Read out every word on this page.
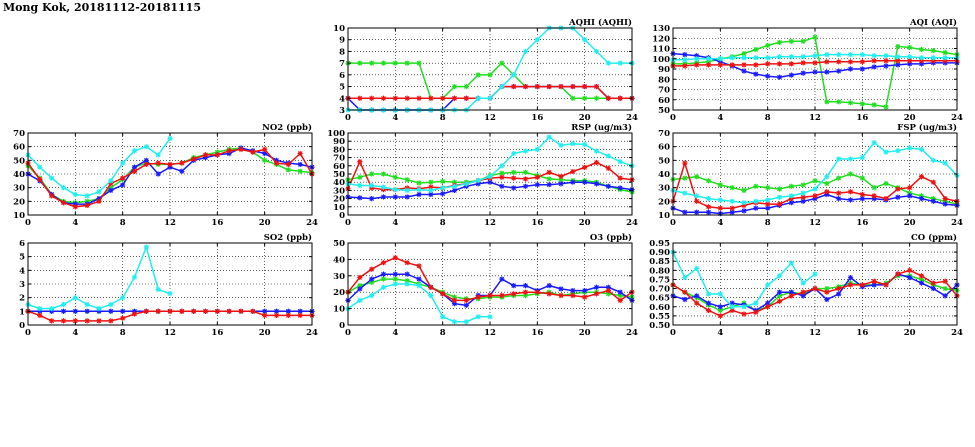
Mong Kok, 20181112-20181115
AQHI (AQHI)
0	4	8	12	16	20	24
3
4
5
6
7
8
9
10
AQI (AQI)
0	4	8	12	16	20	24
50
60
70
80
90
100
110
120
130
NO2 (ppb)
0	4	8	12	16	20	24
10
20
30
40
50
60
70
RSP (ug/m3)
0	4	8	12	16	20	24
0
10
20
30
40
50
60
70
80
90
100
FSP (ug/m3)
0	4	8	12	16	20	24
10
20
30
40
50
60
70
SO2 (ppb)
0	4	8	12	16	20	24
0
1
2
3
4
5
6
O3 (ppb)
0	4	8	12	16	20	24
0
10
20
30
40
50
CO (ppm)
0	4	8	12	16	20	24
0.50
0.55
0.60
0.65
0.70
0.75
0.80
0.85
0.90
0.95
